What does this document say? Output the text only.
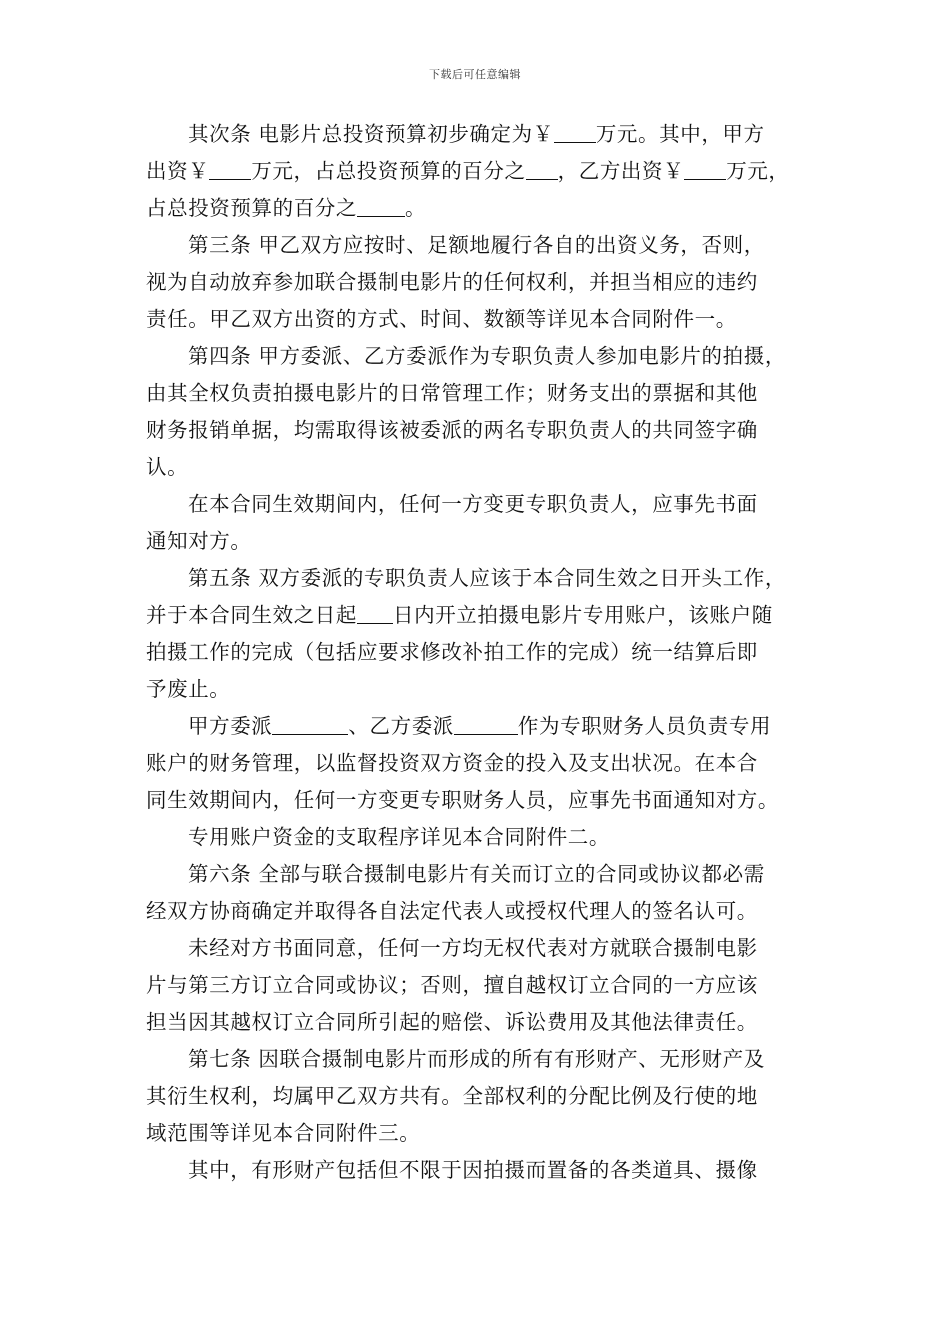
下载后可任意编辑
其次条 电影片总投资预算初步确定为￥ 万元。其中，甲方
出资￥ 万元，占总投资预算的百分之 ，乙方出资￥ 万元，
占总投资预算的百分之 。
第三条 甲乙双方应按时、足额地履行各自的出资义务，否则，
视为自动放弃参加联合摄制电影片的任何权利，并担当相应的违约
责任。甲乙双方出资的方式、时间、数额等详见本合同附件一。
第四条 甲方委派、乙方委派作为专职负责人参加电影片的拍摄，
由其全权负责拍摄电影片的日常管理工作；财务支出的票据和其他
财务报销单据，均需取得该被委派的两名专职负责人的共同签字确
认。
在本合同生效期间内，任何一方变更专职负责人，应事先书面
通知对方。
第五条 双方委派的专职负责人应该于本合同生效之日开头工作，
并于本合同生效之日起 日内开立拍摄电影片专用账户，该账户随
拍摄工作的完成（包括应要求修改补拍工作的完成）统一结算后即
予废止。
甲方委派	、乙方委派	作为专职财务人员负责专用
账户的财务管理，以监督投资双方资金的投入及支出状况。在本合
同生效期间内，任何一方变更专职财务人员，应事先书面通知对方。
专用账户资金的支取程序详见本合同附件二。
第六条 全部与联合摄制电影片有关而订立的合同或协议都必需
经双方协商确定并取得各自法定代表人或授权代理人的签名认可。
未经对方书面同意，任何一方均无权代表对方就联合摄制电影
片与第三方订立合同或协议；否则，擅自越权订立合同的一方应该
担当因其越权订立合同所引起的赔偿、诉讼费用及其他法律责任。
第七条 因联合摄制电影片而形成的所有有形财产、无形财产及
其衍生权利，均属甲乙双方共有。全部权利的分配比例及行使的地
域范围等详见本合同附件三。
其中，有形财产包括但不限于因拍摄而置备的各类道具、摄像
